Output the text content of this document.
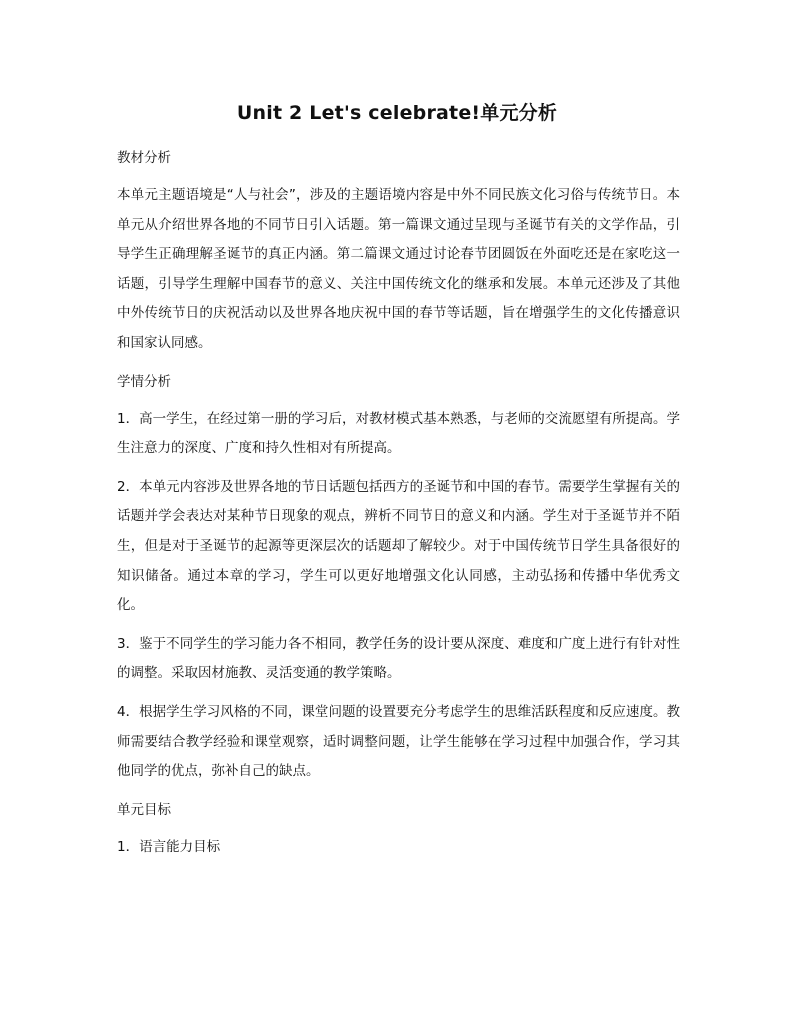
Unit 2 Let's celebrate!单元分析
教材分析
本单元主题语境是“人与社会”，涉及的主题语境内容是中外不同民族文化习俗与传统节日。本单元从介绍世界各地的不同节日引入话题。第一篇课文通过呈现与圣诞节有关的文学作品，引导学生正确理解圣诞节的真正内涵。第二篇课文通过讨论春节团圆饭在外面吃还是在家吃这一话题，引导学生理解中国春节的意义、关注中国传统文化的继承和发展。本单元还涉及了其他中外传统节日的庆祝活动以及世界各地庆祝中国的春节等话题，旨在增强学生的文化传播意识和国家认同感。
学情分析
1．高一学生，在经过第一册的学习后，对教材模式基本熟悉，与老师的交流愿望有所提高。学生注意力的深度、广度和持久性相对有所提高。
2．本单元内容涉及世界各地的节日话题包括西方的圣诞节和中国的春节。需要学生掌握有关的话题并学会表达对某种节日现象的观点，辨析不同节日的意义和内涵。学生对于圣诞节并不陌生，但是对于圣诞节的起源等更深层次的话题却了解较少。对于中国传统节日学生具备很好的知识储备。通过本章的学习，学生可以更好地增强文化认同感，主动弘扬和传播中华优秀文化。
3．鉴于不同学生的学习能力各不相同，教学任务的设计要从深度、难度和广度上进行有针对性的调整。采取因材施教、灵活变通的教学策略。
4．根据学生学习风格的不同，课堂问题的设置要充分考虑学生的思维活跃程度和反应速度。教师需要结合教学经验和课堂观察，适时调整问题，让学生能够在学习过程中加强合作，学习其他同学的优点，弥补自己的缺点。
单元目标
1．语言能力目标
